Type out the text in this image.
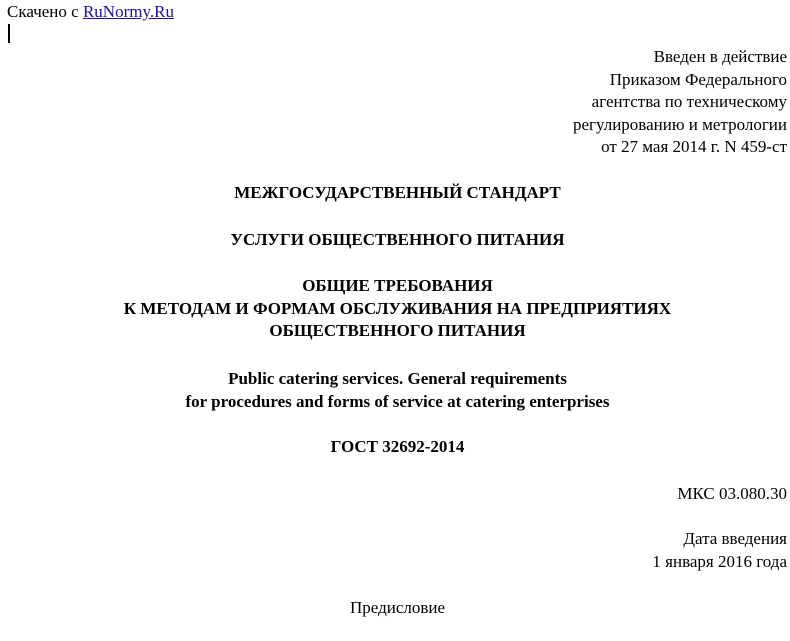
Скачено с RuNormy.Ru
Введен в действие
Приказом Федерального
агентства по техническому
регулированию и метрологии
от 27 мая 2014 г. N 459-ст
МЕЖГОСУДАРСТВЕННЫЙ СТАНДАРТ
УСЛУГИ ОБЩЕСТВЕННОГО ПИТАНИЯ
ОБЩИЕ ТРЕБОВАНИЯ
К МЕТОДАМ И ФОРМАМ ОБСЛУЖИВАНИЯ НА ПРЕДПРИЯТИЯХ
ОБЩЕСТВЕННОГО ПИТАНИЯ
Public catering services. General requirements
for procedures and forms of service at catering enterprises
ГОСТ 32692-2014
МКС 03.080.30
Дата введения
1 января 2016 года
Предисловие
